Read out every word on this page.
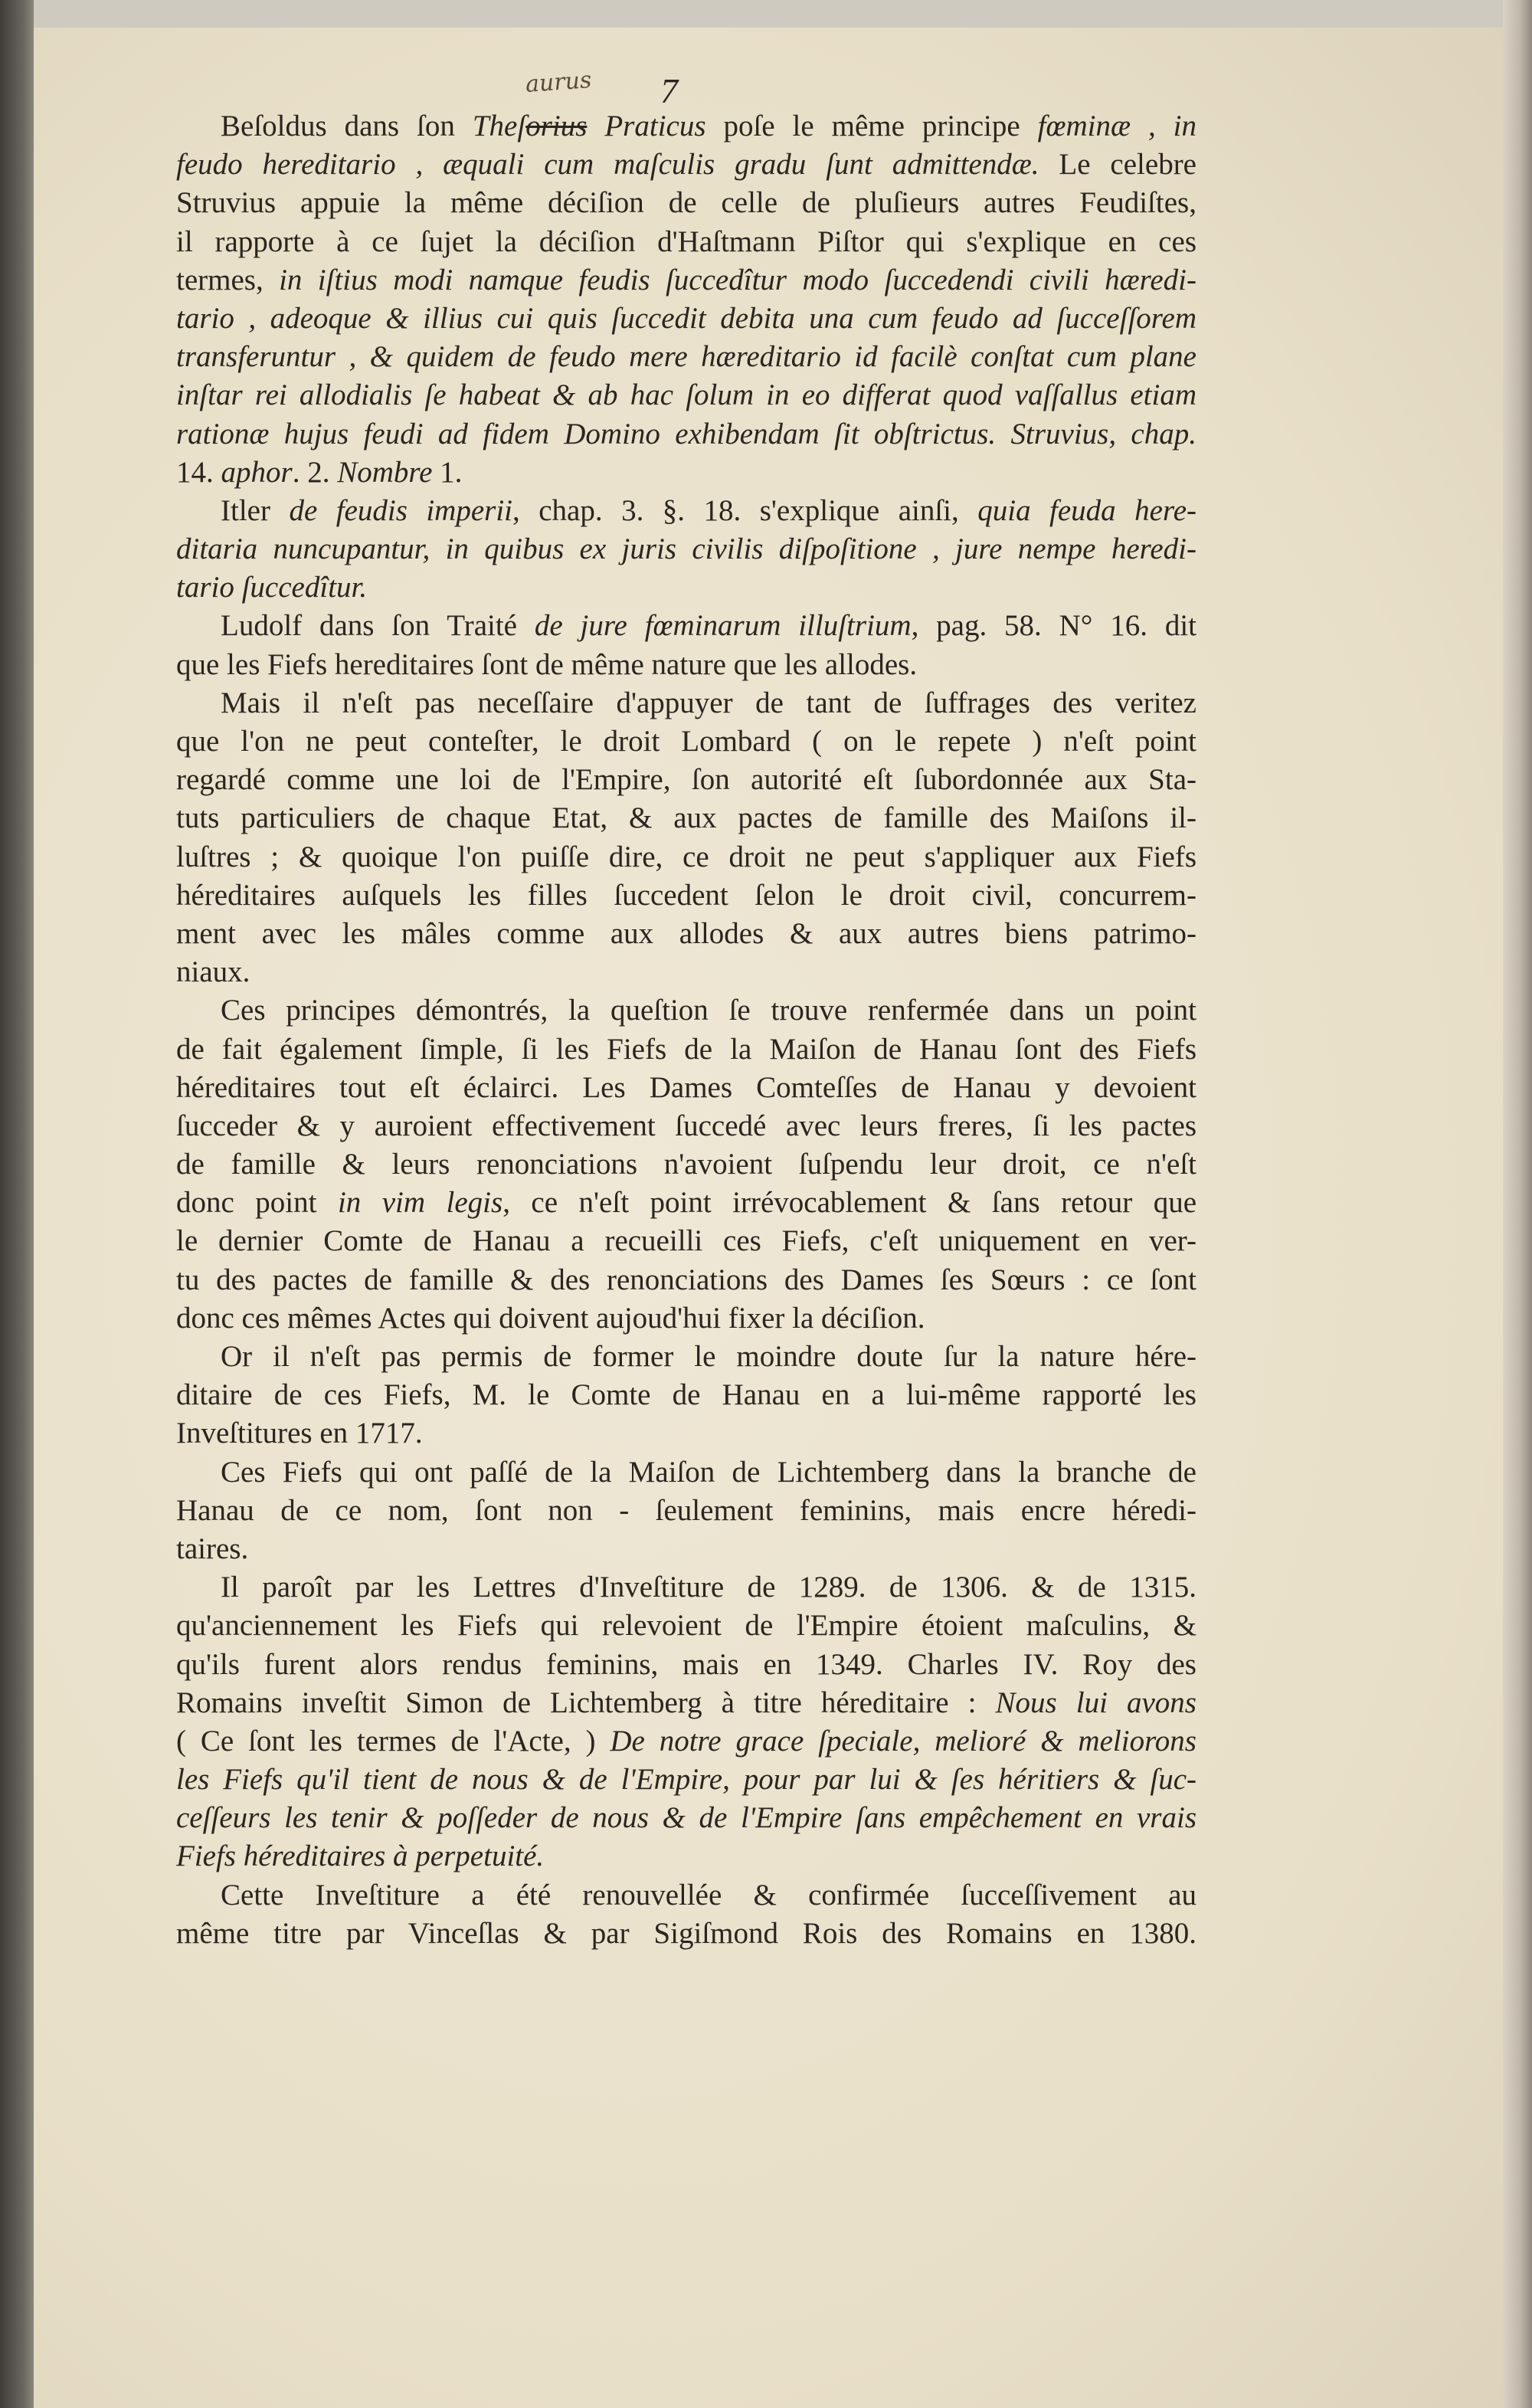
aurus 7
Beſoldus dans ſon Theſorius Praticus poſe le même principe fœminæ , in
feudo hereditario , æquali cum maſculis gradu ſunt admittendæ. Le celebre
Struvius appuie la même déciſion de celle de pluſieurs autres Feudiſtes,
il rapporte à ce ſujet la déciſion d'Haſtmann Piſtor qui s'explique en ces
termes, in iſtius modi namque feudis ſuccedîtur modo ſuccedendi civili hæredi-
tario , adeoque & illius cui quis ſuccedit debita una cum feudo ad ſucceſſorem
transferuntur , & quidem de feudo mere hæreditario id facilè conſtat cum plane
inſtar rei allodialis ſe habeat & ab hac ſolum in eo differat quod vaſſallus etiam
rationæ hujus feudi ad fidem Domino exhibendam ſit obſtrictus. Struvius, chap.
14. aphor. 2. Nombre 1.
Itler de feudis imperii, chap. 3. §. 18. s'explique ainſi, quia feuda here-
ditaria nuncupantur, in quibus ex juris civilis diſpoſitione , jure nempe heredi-
tario ſuccedîtur.
Ludolf dans ſon Traité de jure fœminarum illuſtrium, pag. 58. N° 16. dit
que les Fiefs hereditaires ſont de même nature que les allodes.
Mais il n'eſt pas neceſſaire d'appuyer de tant de ſuffrages des veritez
que l'on ne peut conteſter, le droit Lombard ( on le repete ) n'eſt point
regardé comme une loi de l'Empire, ſon autorité eſt ſubordonnée aux Sta-
tuts particuliers de chaque Etat, & aux pactes de famille des Maiſons il-
luſtres ; & quoique l'on puiſſe dire, ce droit ne peut s'appliquer aux Fiefs
héreditaires auſquels les filles ſuccedent ſelon le droit civil, concurrem-
ment avec les mâles comme aux allodes & aux autres biens patrimo-
niaux.
Ces principes démontrés, la queſtion ſe trouve renfermée dans un point
de fait également ſimple, ſi les Fiefs de la Maiſon de Hanau ſont des Fiefs
héreditaires tout eſt éclairci. Les Dames Comteſſes de Hanau y devoient
ſucceder & y auroient effectivement ſuccedé avec leurs freres, ſi les pactes
de famille & leurs renonciations n'avoient ſuſpendu leur droit, ce n'eſt
donc point in vim legis, ce n'eſt point irrévocablement & ſans retour que
le dernier Comte de Hanau a recueilli ces Fiefs, c'eſt uniquement en ver-
tu des pactes de famille & des renonciations des Dames ſes Sœurs : ce ſont
donc ces mêmes Actes qui doivent aujoud'hui fixer la déciſion.
Or il n'eſt pas permis de former le moindre doute ſur la nature hére-
ditaire de ces Fiefs, M. le Comte de Hanau en a lui-même rapporté les
Inveſtitures en 1717.
Ces Fiefs qui ont paſſé de la Maiſon de Lichtemberg dans la branche de
Hanau de ce nom, ſont non - ſeulement feminins, mais encre héredi-
taires.
Il paroît par les Lettres d'Inveſtiture de 1289. de 1306. & de 1315.
qu'anciennement les Fiefs qui relevoient de l'Empire étoient maſculins, &
qu'ils furent alors rendus feminins, mais en 1349. Charles IV. Roy des
Romains inveſtit Simon de Lichtemberg à titre héreditaire : Nous lui avons
( Ce ſont les termes de l'Acte, ) De notre grace ſpeciale, melioré & meliorons
les Fiefs qu'il tient de nous & de l'Empire, pour par lui & ſes héritiers & ſuc-
ceſſeurs les tenir & poſſeder de nous & de l'Empire ſans empêchement en vrais
Fiefs héreditaires à perpetuité.
Cette Inveſtiture a été renouvellée & confirmée ſucceſſivement au
même titre par Vinceſlas & par Sigiſmond Rois des Romains en 1380.
